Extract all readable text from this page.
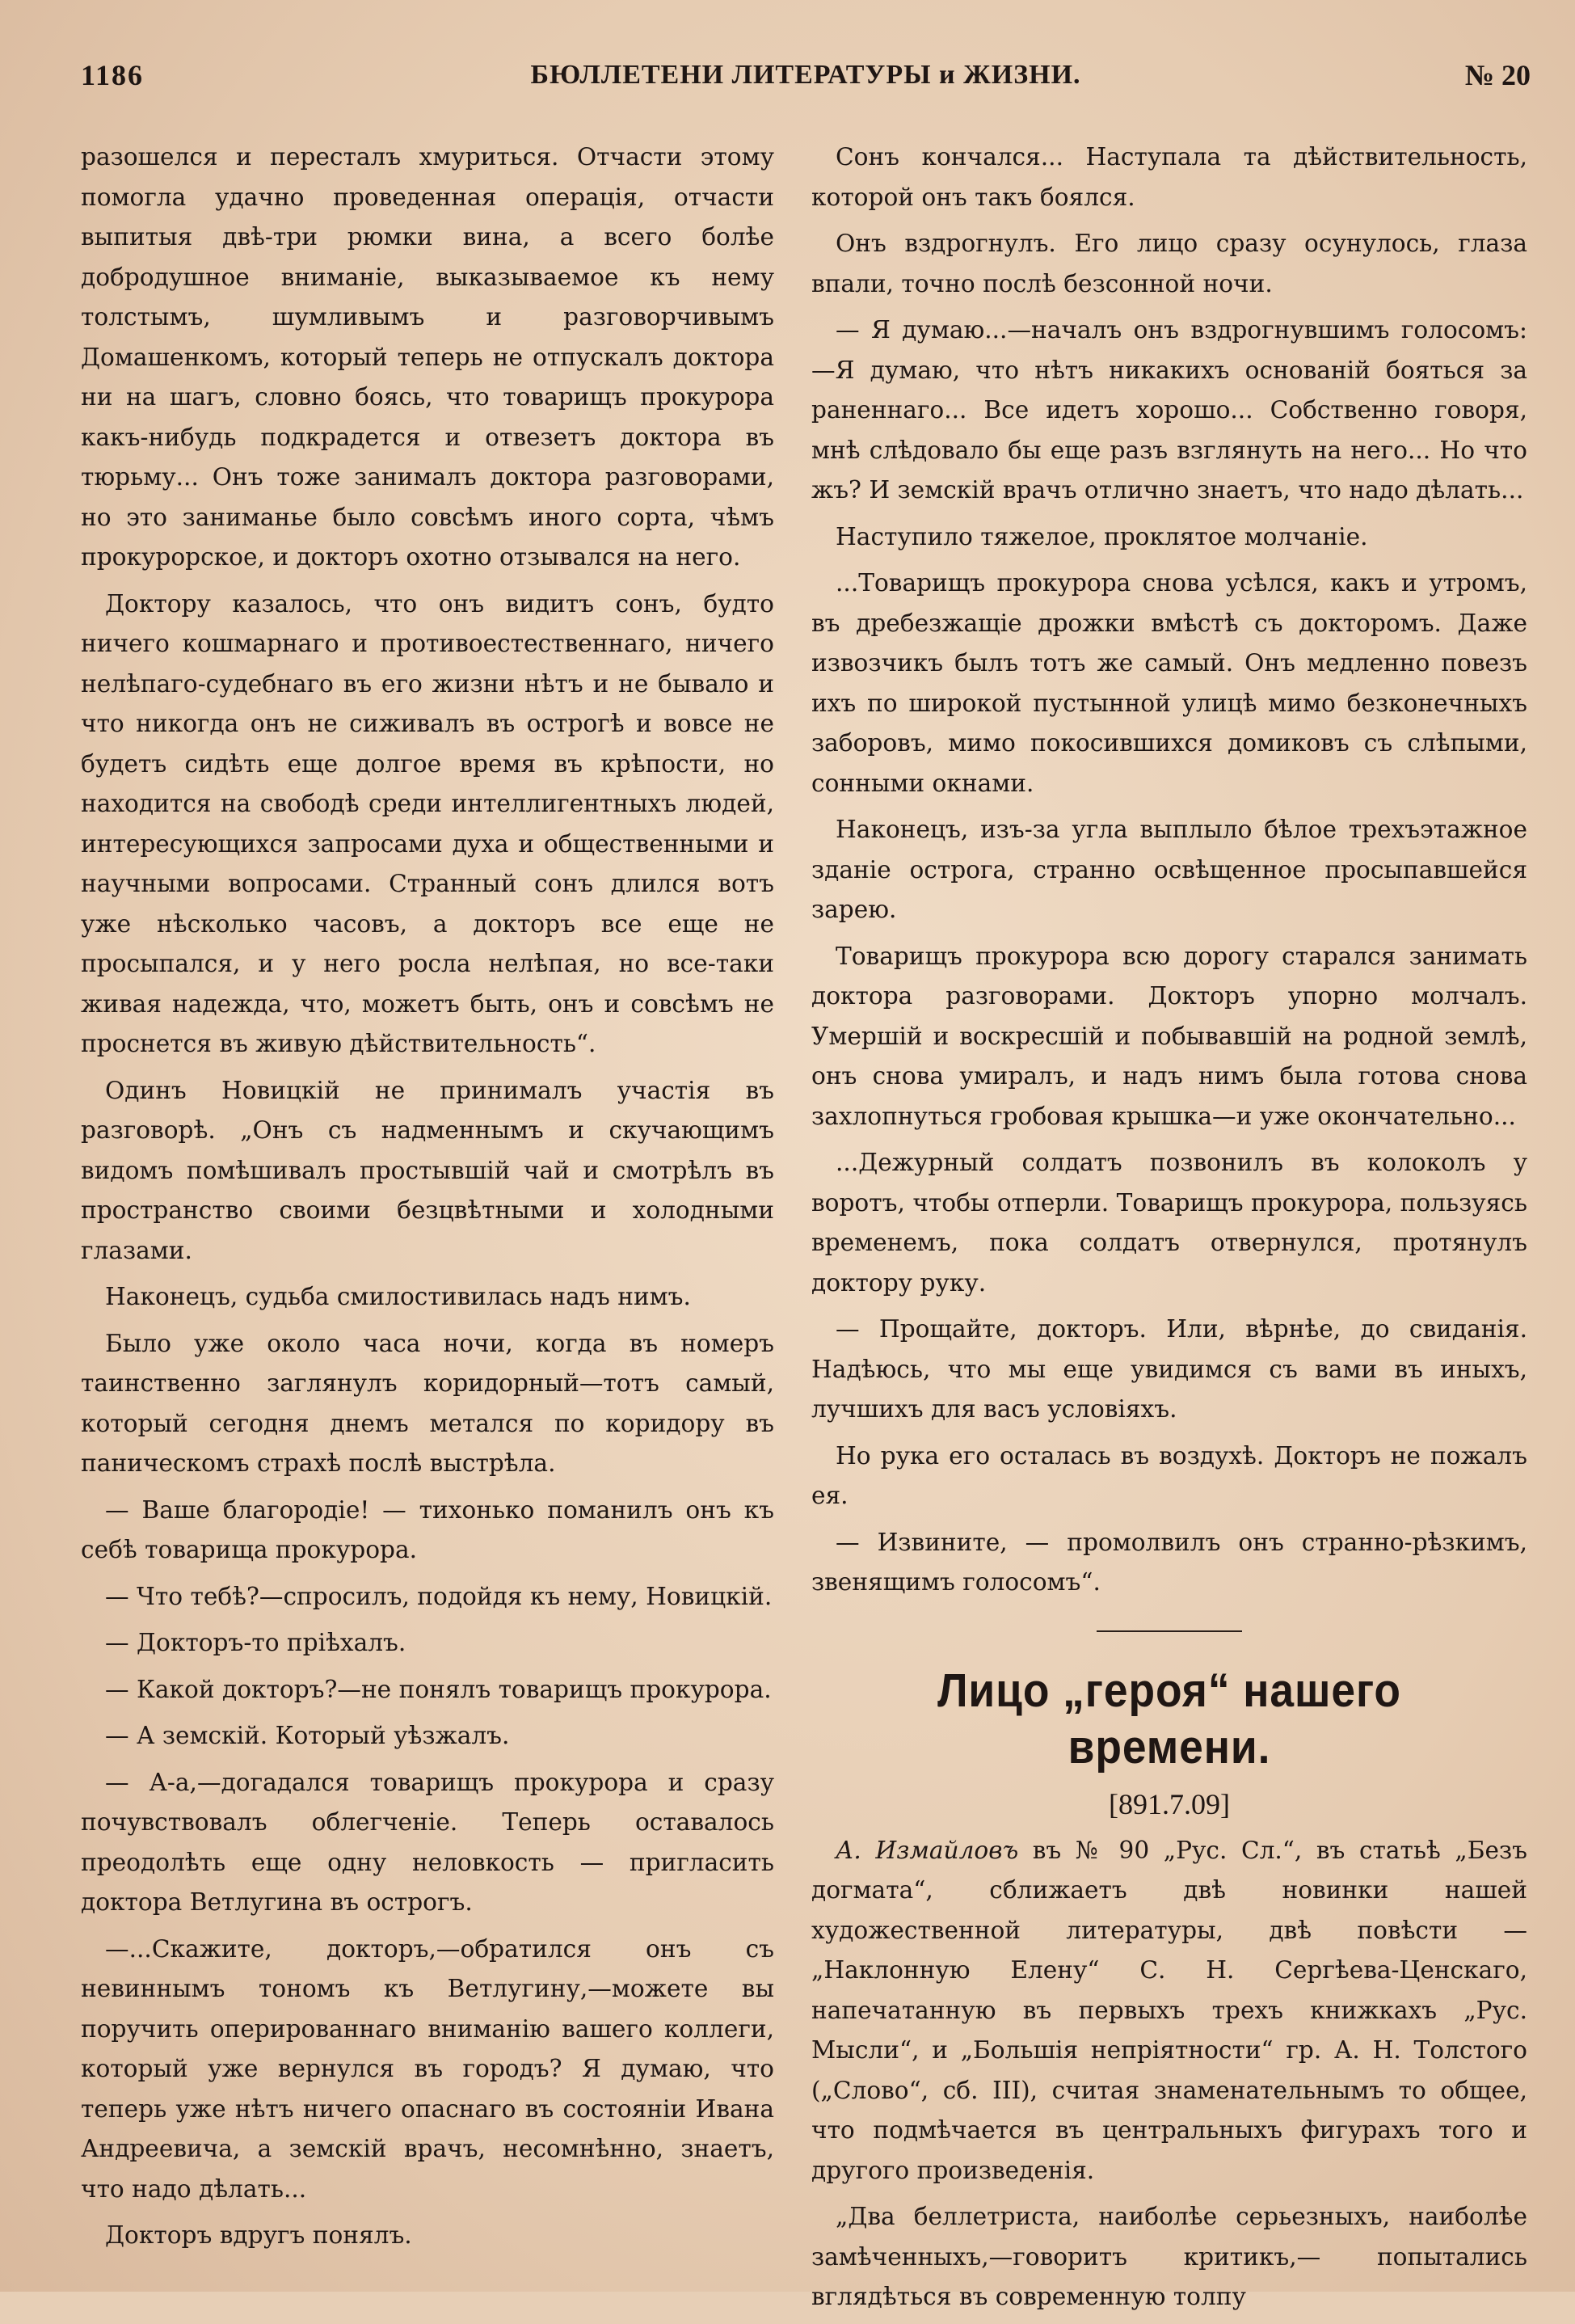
1186	БЮЛЛЕТЕНИ ЛИТЕРАТУРЫ и ЖИЗНИ.	№ 20

разошелся и пересталъ хмуриться. Отчасти этому помогла удачно проведенная операція, отчасти выпитыя двѣ-три рюмки вина, а всего болѣе добродушное вниманіе, выказываемое къ нему толстымъ, шумливымъ и разговорчивымъ Домашенкомъ, который теперь не отпускалъ доктора ни на шагъ, словно боясь, что товарищъ прокурора какъ-нибудь подкрадется и отвезетъ доктора въ тюрьму... Онъ тоже занималъ доктора разговорами, но это заниманье было совсѣмъ иного сорта, чѣмъ прокурорское, и докторъ охотно отзывался на него.

Доктору казалось, что онъ видитъ сонъ, будто ничего кошмарнаго и противоестественнаго, ничего нелѣпаго-судебнаго въ его жизни нѣтъ и не бывало и что никогда онъ не сиживалъ въ острогѣ и вовсе не будетъ сидѣть еще долгое время въ крѣпости, но находится на свободѣ среди интеллигентныхъ людей, интересующихся запросами духа и общественными и научными вопросами. Странный сонъ длился вотъ уже нѣсколько часовъ, а докторъ все еще не просыпался, и у него росла нелѣпая, но все-таки живая надежда, что, можетъ быть, онъ и совсѣмъ не проснется въ живую дѣйствительность“.

Одинъ Новицкій не принималъ участія въ разговорѣ. „Онъ съ надменнымъ и скучающимъ видомъ помѣшивалъ простывшій чай и смотрѣлъ въ пространство своими безцвѣтными и холодными глазами.

Наконецъ, судьба смилостивилась надъ нимъ.

Было уже около часа ночи, когда въ номеръ таинственно заглянулъ коридорный—тотъ самый, который сегодня днемъ метался по коридору въ паническомъ страхѣ послѣ выстрѣла.

— Ваше благородіе! — тихонько поманилъ онъ къ себѣ товарища прокурора.

— Что тебѣ?—спросилъ, подойдя къ нему, Новицкій.

— Докторъ-то пріѣхалъ.

— Какой докторъ?—не понялъ товарищъ прокурора.

— А земскій. Который уѣзжалъ.

— А-а,—догадался товарищъ прокурора и сразу почувствовалъ облегченіе. Теперь оставалось преодолѣть еще одну неловкость — пригласить доктора Ветлугина въ острогъ.

—...Скажите, докторъ,—обратился онъ съ невиннымъ тономъ къ Ветлугину,—можете вы поручить оперированнаго вниманію вашего коллеги, который уже вернулся въ городъ? Я думаю, что теперь уже нѣтъ ничего опаснаго въ состояніи Ивана Андреевича, а земскій врачъ, несомнѣнно, знаетъ, что надо дѣлать...

Докторъ вдругъ понялъ.

Сонъ кончался... Наступала та дѣйствительность, которой онъ такъ боялся.

Онъ вздрогнулъ. Его лицо сразу осунулось, глаза впали, точно послѣ безсонной ночи.

— Я думаю...—началъ онъ вздрогнувшимъ голосомъ:—Я думаю, что нѣтъ никакихъ основаній бояться за раненнаго... Все идетъ хорошо... Собственно говоря, мнѣ слѣдовало бы еще разъ взглянуть на него... Но что жъ? И земскій врачъ отлично знаетъ, что надо дѣлать...

Наступило тяжелое, проклятое молчаніе.

...Товарищъ прокурора снова усѣлся, какъ и утромъ, въ дребезжащіе дрожки вмѣстѣ съ докторомъ. Даже извозчикъ былъ тотъ же самый. Онъ медленно повезъ ихъ по широкой пустынной улицѣ мимо безконечныхъ заборовъ, мимо покосившихся домиковъ съ слѣпыми, сонными окнами.

Наконецъ, изъ-за угла выплыло бѣлое трехъэтажное зданіе острога, странно освѣщенное просыпавшейся зарею.

Товарищъ прокурора всю дорогу старался занимать доктора разговорами. Докторъ упорно молчалъ. Умершій и воскресшій и побывавшій на родной землѣ, онъ снова умиралъ, и надъ нимъ была готова снова захлопнуться гробовая крышка—и уже окончательно...

...Дежурный солдатъ позвонилъ въ колоколъ у воротъ, чтобы отперли. Товарищъ прокурора, пользуясь временемъ, пока солдатъ отвернулся, протянулъ доктору руку.

— Прощайте, докторъ. Или, вѣрнѣе, до свиданія. Надѣюсь, что мы еще увидимся съ вами въ иныхъ, лучшихъ для васъ условіяхъ.

Но рука его осталась въ воздухѣ. Докторъ не пожалъ ея.

— Извините, — промолвилъ онъ странно-рѣзкимъ, звенящимъ голосомъ“.

Лицо „героя“ нашего времени.
[891.7.09]

А. Измайловъ въ № 90 „Рус. Сл.“, въ статьѣ „Безъ догмата“, сближаетъ двѣ новинки нашей художественной литературы, двѣ повѣсти —„Наклонную Елену“ С. Н. Сергѣева-Ценскаго, напечатанную въ первыхъ трехъ книжкахъ „Рус. Мысли“, и „Большія непріятности“ гр. А. Н. Толстого („Слово“, сб. III), считая знаменательнымъ то общее, что подмѣчается въ центральныхъ фигурахъ того и другого произведенія.

„Два беллетриста, наиболѣе серьезныхъ, наиболѣе замѣченныхъ,—говоритъ критикъ,— попытались вглядѣться въ современную толпу
